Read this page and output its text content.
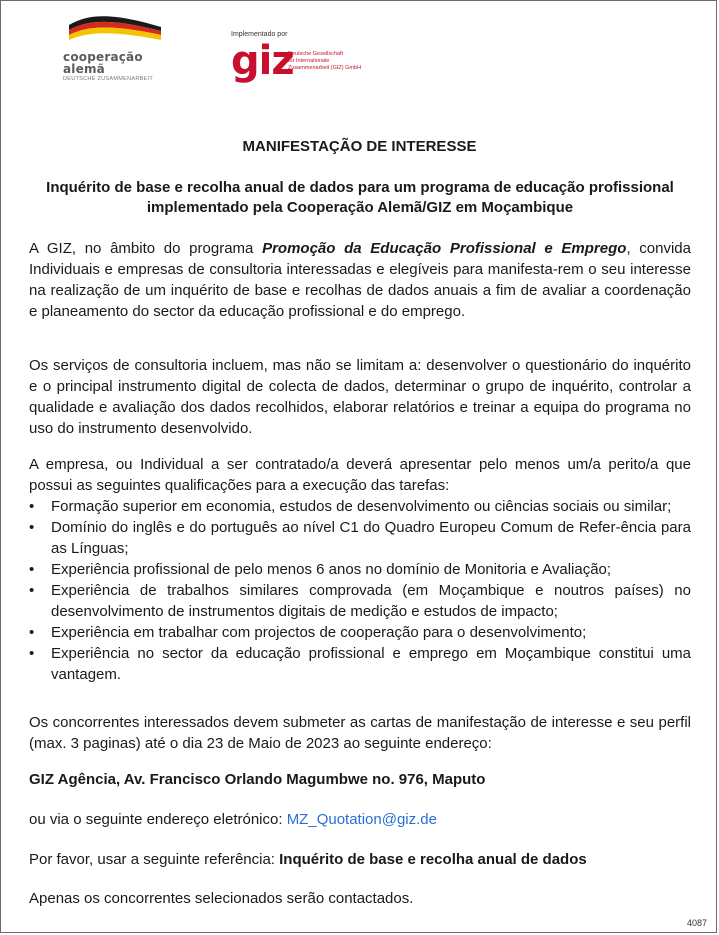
cooperação
alemã
DEUTSCHE ZUSAMMENARBEIT
Implementado por
giz
Deutsche Gesellschaft
für Internationale
Zusammenarbeit (GIZ) GmbH
MANIFESTAÇÃO DE INTERESSE
Inquérito de base e recolha anual de dados para um programa de educação profissional implementado pela Cooperação Alemã/GIZ em Moçambique

A GIZ, no âmbito do programa Promoção da Educação Profissional e Emprego, convida Individuais e empresas de consultoria interessadas e elegíveis para manifesta-rem o seu interesse na realização de um inquérito de base e recolhas de dados anuais a fim de avaliar a coordenação e planeamento do sector da educação profissional e do emprego.

Os serviços de consultoria incluem, mas não se limitam a: desenvolver o questionário do inquérito e o principal instrumento digital de colecta de dados, determinar o grupo de inquérito, controlar a qualidade e avaliação dos dados recolhidos, elaborar relatórios e treinar a equipa do programa no uso do instrumento desenvolvido.

A empresa, ou Individual a ser contratado/a deverá apresentar pelo menos um/a perito/a que possui as seguintes qualificações para a execução das tarefas:

• Formação superior em economia, estudos de desenvolvimento ou ciências sociais ou similar;
• Domínio do inglês e do português ao nível C1 do Quadro Europeu Comum de Refer-ência para as Línguas;
• Experiência profissional de pelo menos 6 anos no domínio de Monitoria e Avaliação;
• Experiência de trabalhos similares comprovada (em Moçambique e noutros países) no desenvolvimento de instrumentos digitais de medição e estudos de impacto;
• Experiência em trabalhar com projectos de cooperação para o desenvolvimento;
• Experiência no sector da educação profissional e emprego em Moçambique constitui uma vantagem.

Os concorrentes interessados devem submeter as cartas de manifestação de interesse e seu perfil (max. 3 paginas) até o dia 23 de Maio de 2023 ao seguinte endereço:

GIZ Agência, Av. Francisco Orlando Magumbwe no. 976, Maputo
ou via o seguinte endereço eletrónico: MZ_Quotation@giz.de
Por favor, usar a seguinte referência: Inquérito de base e recolha anual de dados
Apenas os concorrentes selecionados serão contactados.
4087
